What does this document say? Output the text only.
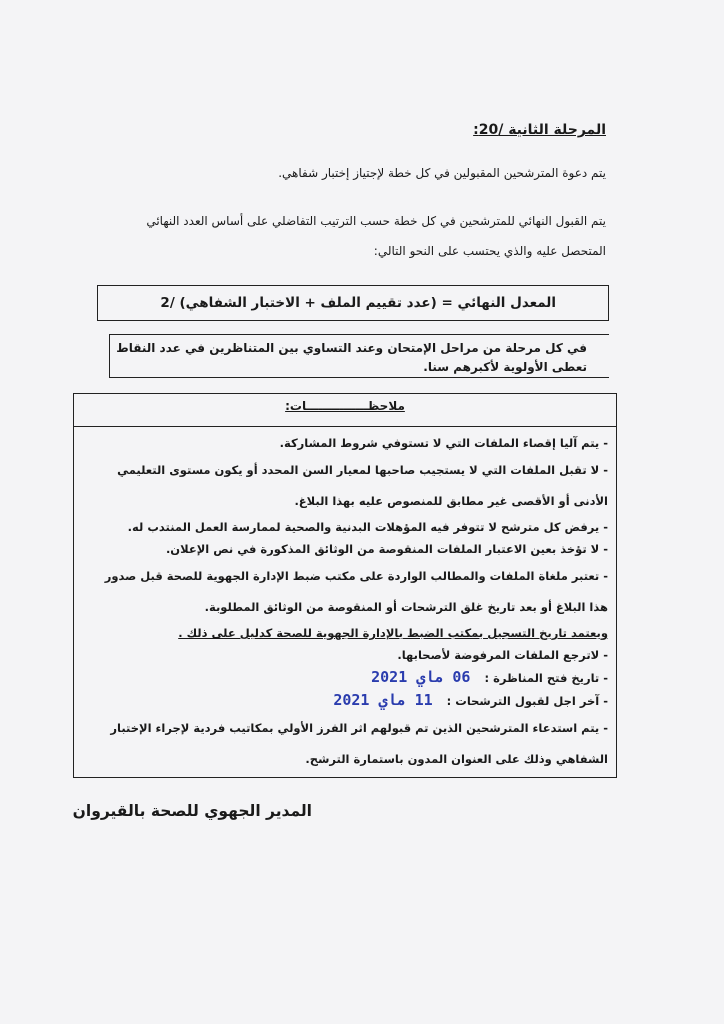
المرحلة الثانية /20:
يتم دعوة المترشحين المقبولين في كل خطة لإجتياز إختبار شفاهي.
يتم القبول النهائي للمترشحين في كل خطة حسب الترتيب التفاضلي على أساس العدد النهائي المتحصل عليه والذي يحتسب على النحو التالي:
المعدل النهائي = (عدد تقييم الملف + الاختبار الشفاهي) /2
في كل مرحلة من مراحل الإمتحان وعند التساوي بين المتناظرين في عدد النقاط تعطى الأولوية لأكبرهم سنا.
ملاحظـــــــــــــــات:
- يتم آليا إقصاء الملفات التي لا تستوفي شروط المشاركة.
- لا تقبل الملفات التي لا يستجيب صاحبها لمعيار السن المحدد أو يكون مستوى التعليمي الأدنى أو الأقصى غير مطابق للمنصوص عليه بهذا البلاغ.
- يرفض كل مترشح لا تتوفر فيه المؤهلات البدنية والصحية لممارسة العمل المنتدب له.
- لا تؤخذ بعين الاعتبار الملفات المنقوصة من الوثائق المذكورة في نص الإعلان.
- تعتبر ملغاة الملفات والمطالب الواردة على مكتب ضبط الإدارة الجهوية للصحة قبل صدور هذا البلاغ أو بعد تاريخ غلق الترشحات أو المنقوصة من الوثائق المطلوبة.
ويعتمد تاريخ التسجيل بمكتب الضبط بالإدارة الجهوية للصحة كدليل على ذلك .
- لاترجع الملفات المرفوضة لأصحابها.
- تاريخ فتح المناظرة : 06 ماي 2021
- آخر اجل لقبول الترشحات : 11 ماي 2021
- يتم استدعاء المترشحين الذين تم قبولهم اثر الفرز الأولي بمكاتيب فردية لإجراء الإختبار الشفاهي وذلك على العنوان المدون باستمارة الترشح.
المدير الجهوي للصحة بالقيروان
